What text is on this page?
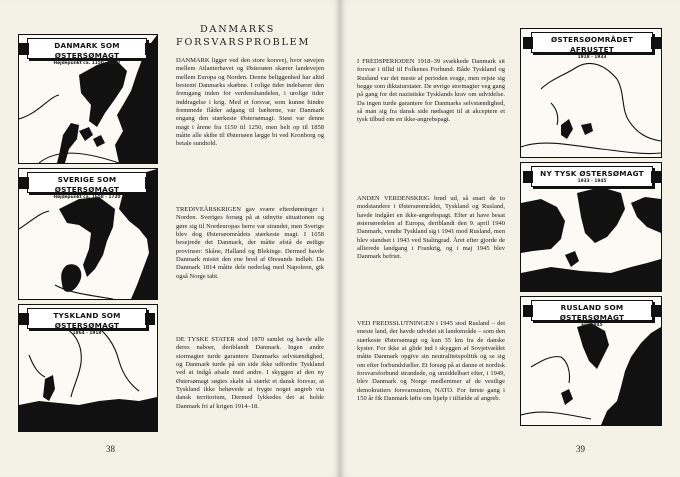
DANMARK SOM ØSTERSØMAGT
Højdepunkt ca. 1150 - 1227
SVERIGE SOM ØSTERSØMAGT
Højdepunkt ca. 1658 - 1720
TYSKLAND SOM ØSTERSØMAGT
1864 - 1918
DANMARKS
FORSVARSPROBLEM

DANMARK ligger ved den store korsvej, hvor søvejen mellem Atlanterhavet og Østersøen skærer landevejen mellem Europa og Norden. Denne beliggenhed har altid bestemt Danmarks skæbne. I rolige tider indebærer den fremgang inden for verdenshandelen, i urolige tider inddragelse i krig. Med et forsvar, som kunne hindre fremmede flåder adgang til bælterne, var Danmark engang den stærkeste Østersømagt. Støst var denne magt i årene fra 1150 til 1250, men helt op til 1858 måtte alle skibe til Østersøen lægge bi ved Kronborg og betale sundtold.

TREDIVEÅRSKRIGEN gav svære efterdønninger i Norden. Sveriges forsøg på at udnytte situationen og gøre sig til Nordeuropas herre var strandet, men Sverige blev dog Østersøområdets stærkeste magt. I 1658 besejrede det Danmark, der måtte afstå de østlige provinser: Skåne, Halland og Blekinge. Dermed havde Danmark mistet den ene bred af Øresunds indløb. Da Danmark 1814 måtte dele nederlag med Napoleon, gik også Norge tabt.

DE TYSKE STATER stod 1870 samlet og havde alle deres naboer, deriblandt Danmark. Ingen andre stormagter turde garantere Danmarks selvstændighed, og Danmark turde på sin side ikke udfordre Tyskland ved at indgå afsale med andre. I skyggen af den ny Østersømagt søgtes skabt så stærkt et dansk forsvar, at Tyskland ikke behøvede at frygte noget angreb via dansk territorium, Dermed lykkedes det at holde Danmark fri af krigen 1914–18.

38

I FREDSPERIODEN 1918–39 svækkede Danmark sit forsvar i tillid til Folkenes Forbund. Både Tyskland og Rusland var det meste af perioden svage, men rejste sig begge som diktaturstater. De øvrige stormagter veg gang på gang for det nazistiske Tysklands krav om udvidelse. Da ingen turde garantere for Danmarks selvstændighed, så man sig fra dansk side nødsaget til at akceptere et tysk tilbud om en ikke-angrebspagt.

ANDEN VERDENSKRIG brød ud, så snart de to modstandere i Østersøområdet, Tyskland og Rusland, havde indgået en ikke-angrebspagt. Efter at have besat østersøredelen af Europa, deriblandt den 9. april 1940 Danmark, vendte Tyskland sig i 1941 mod Rusland, men blev standset i 1943 ved Stalingrad. Året efter gjorde de allierede landgang i Frankrig, og i maj 1945 blev Danmark befriet.

VED FREDSSLUTNINGEN i 1945 stod Rusland – det eneste land, der havde udvidet sit landområde – som den stærkeste Østersømagt og kun 35 km fra de danske kyster. For ikke at glide ind i skyggen af Sovjetvældet måtte Danmark opgive sin neutralitetspolitik og se sig om efter forbundsfæller. Et forsøg på at danne et nordisk forsvarsforbund strandede, og umiddelbart efter, i 1949, blev Danmark og Norge medlemmer af de vestlige demokratiers forsvarsunion, NATO. For første gang i 150 år fik Danmark løfte om hjælp i tilfælde af angreb.

ØSTERSØOMRÅDET AFRUSTET
1918 - 1933
NY TYSK ØSTERSØMAGT
1933 - 1945
RUSLAND SOM ØSTERSØMAGT
Fra 1945
39
